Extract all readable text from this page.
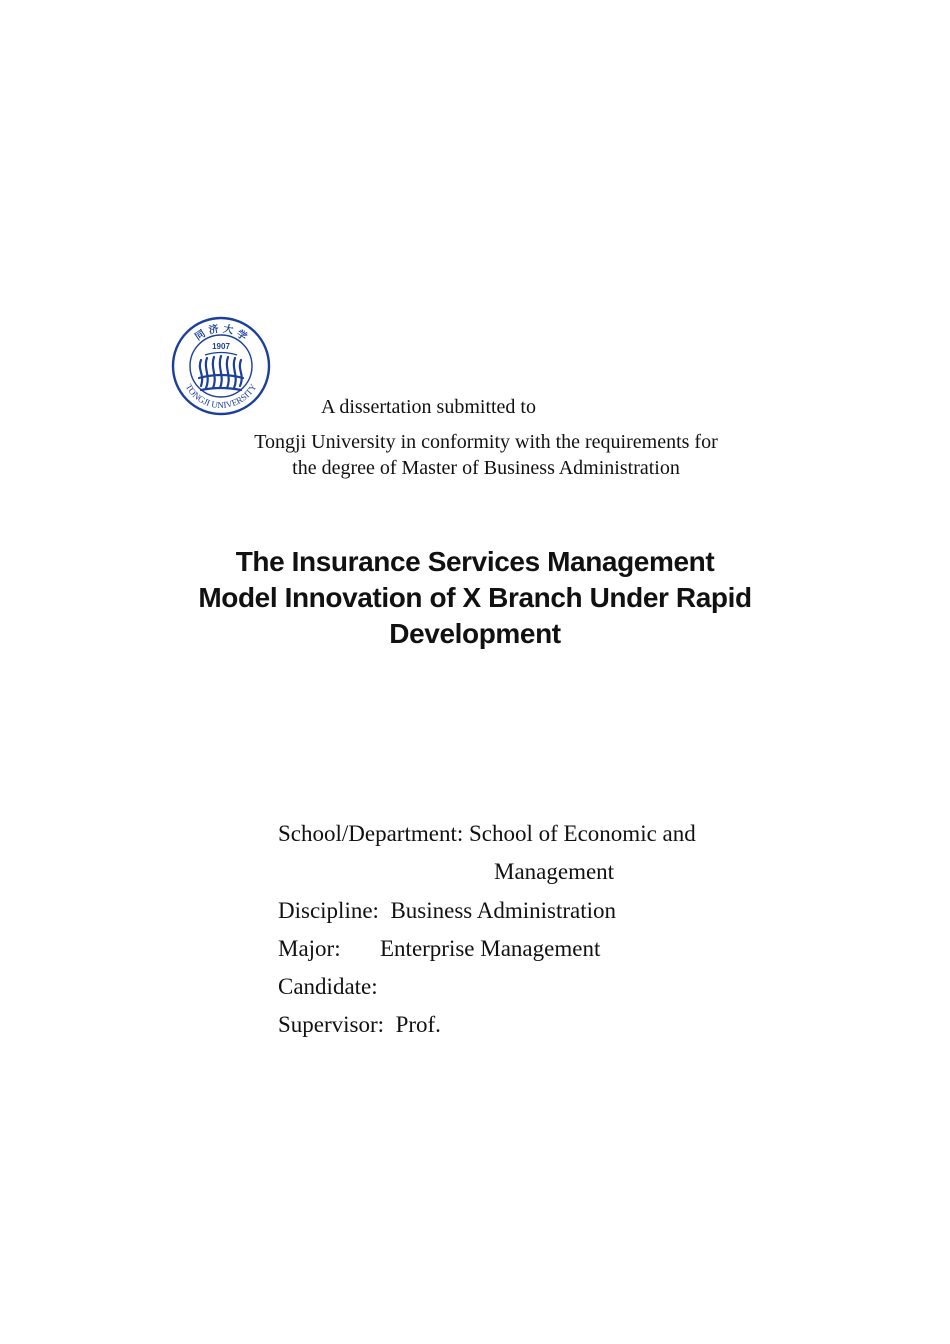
同 济 大 学
TONGJI UNIVERSITY
1907
A dissertation submitted to
Tongji University in conformity with the requirements for
the degree of Master of Business Administration
The Insurance Services Management
Model Innovation of X Branch Under Rapid
Development
School/Department: School of Economic and
Management
Discipline: Business Administration
Major: Enterprise Management
Candidate:
Supervisor: Prof.
